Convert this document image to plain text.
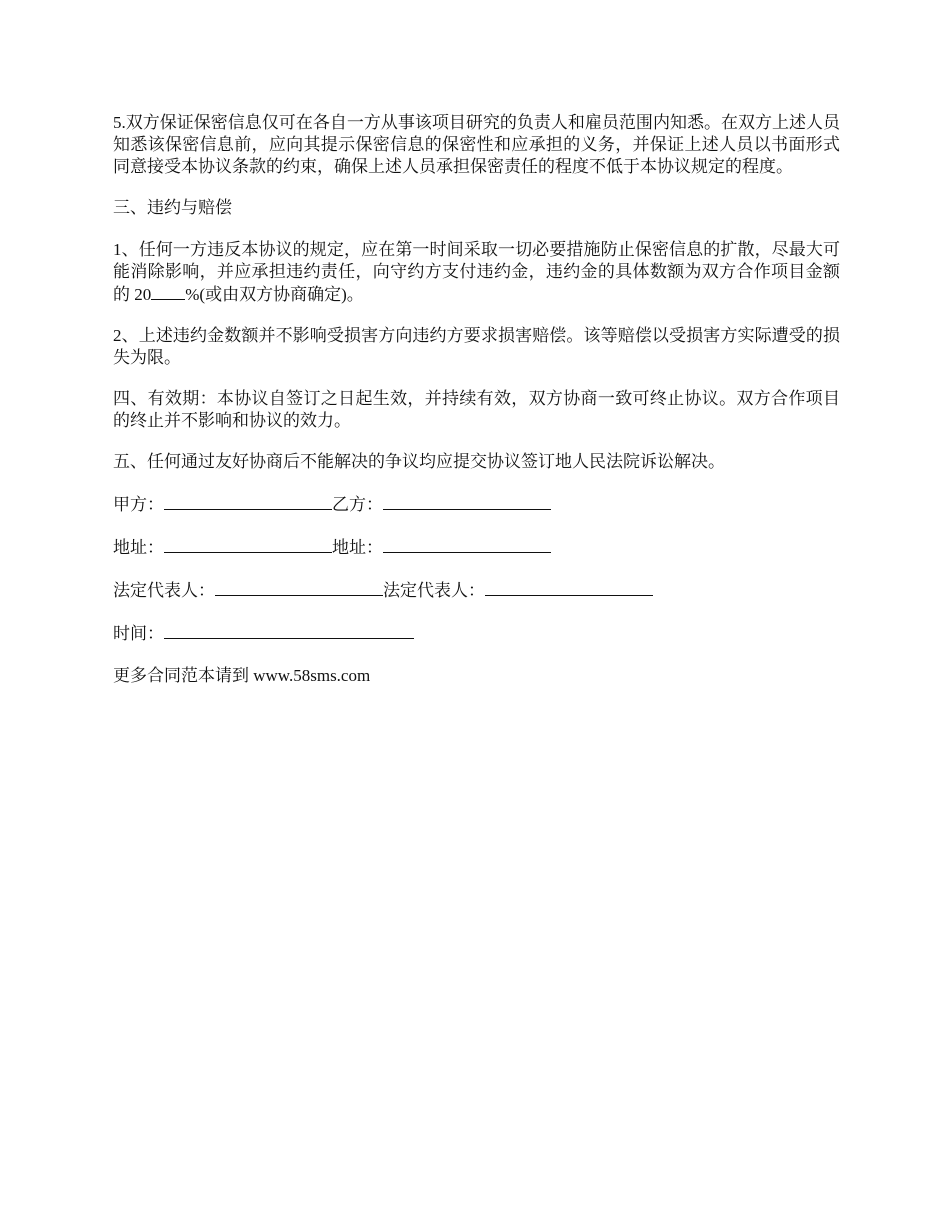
5.双方保证保密信息仅可在各自一方从事该项目研究的负责人和雇员范围内知悉。在双方上述人员知悉该保密信息前，应向其提示保密信息的保密性和应承担的义务，并保证上述人员以书面形式同意接受本协议条款的约束，确保上述人员承担保密责任的程度不低于本协议规定的程度。

三、违约与赔偿

1、任何一方违反本协议的规定，应在第一时间采取一切必要措施防止保密信息的扩散，尽最大可能消除影响，并应承担违约责任，向守约方支付违约金，违约金的具体数额为双方合作项目金额的 20 %(或由双方协商确定)。

2、上述违约金数额并不影响受损害方向违约方要求损害赔偿。该等赔偿以受损害方实际遭受的损失为限。

四、有效期：本协议自签订之日起生效，并持续有效，双方协商一致可终止协议。双方合作项目的终止并不影响和协议的效力。

五、任何通过友好协商后不能解决的争议均应提交协议签订地人民法院诉讼解决。

甲方：	乙方：
地址：	地址：
法定代表人：	法定代表人：
时间：
更多合同范本请到 www.58sms.com
